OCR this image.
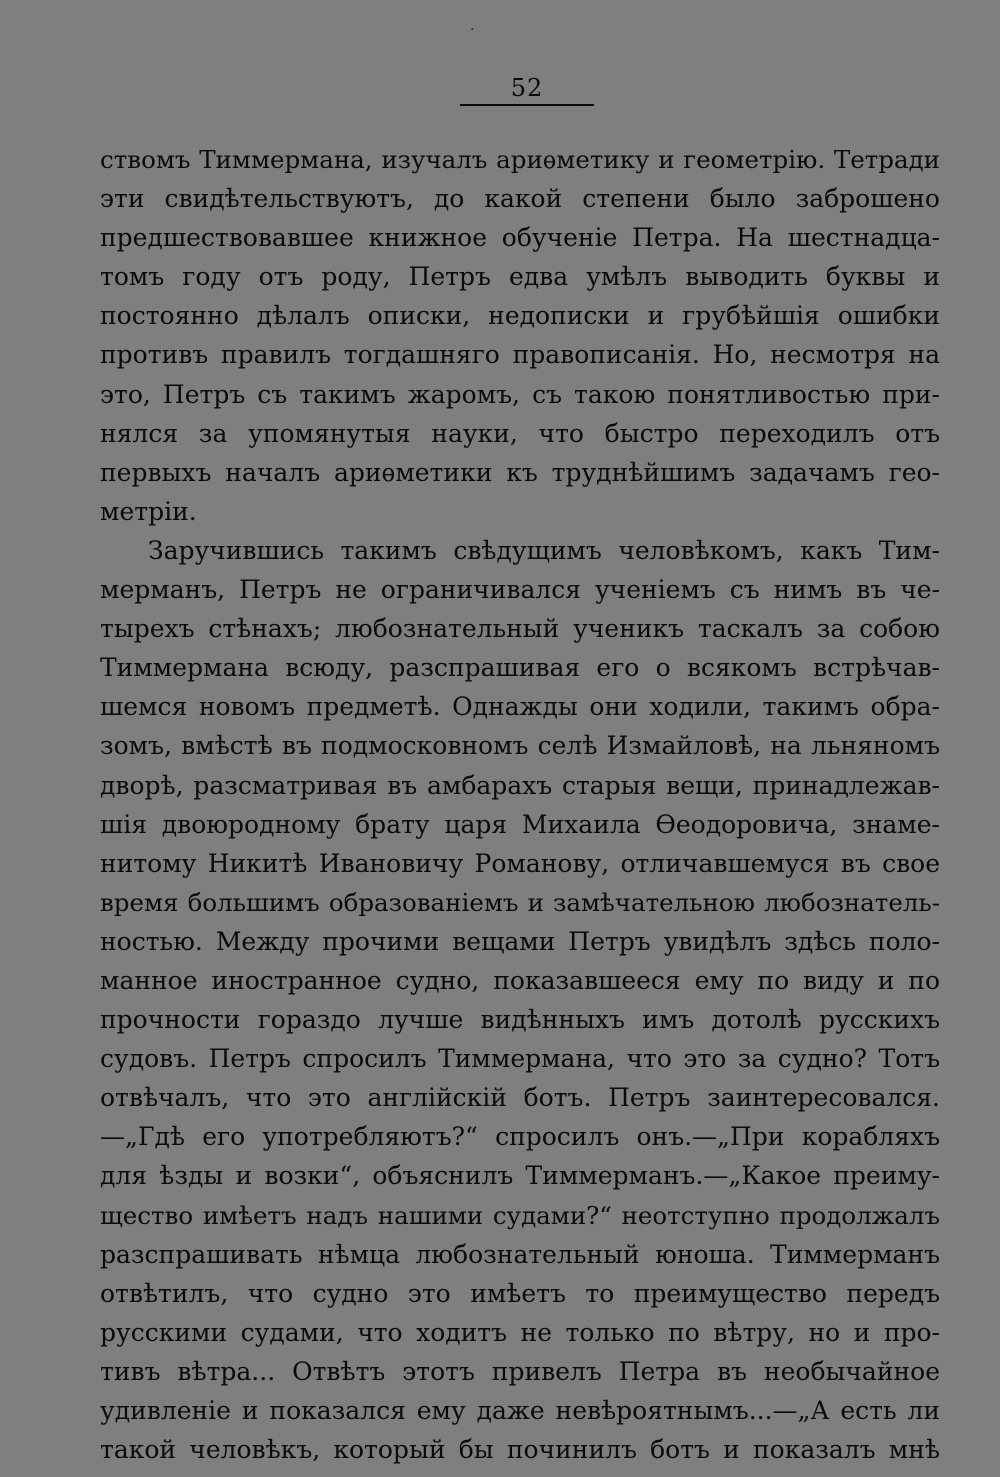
·
52
ствомъ Тиммермана, изучалъ ариѳметику и геометрію. Тетради
эти свидѣтельствуютъ, до какой степени было заброшено
предшествовавшее книжное обученіе Петра. На шестнадца-
томъ году отъ роду, Петръ едва умѣлъ выводить буквы и
постоянно дѣлалъ описки, недописки и грубѣйшія ошибки
противъ правилъ тогдашняго правописанія. Но, несмотря на
это, Петръ съ такимъ жаромъ, съ такою понятливостью при-
нялся за упомянутыя науки, что быстро переходилъ отъ
первыхъ началъ ариѳметики къ труднѣйшимъ задачамъ гео-
метріи.
Заручившись такимъ свѣдущимъ человѣкомъ, какъ Тим-
мерманъ, Петръ не ограничивался ученіемъ съ нимъ въ че-
тырехъ стѣнахъ; любознательный ученикъ таскалъ за собою
Тиммермана всюду, разспрашивая его о всякомъ встрѣчав-
шемся новомъ предметѣ. Однажды они ходили, такимъ обра-
зомъ, вмѣстѣ въ подмосковномъ селѣ Измайловѣ, на льняномъ
дворѣ, разсматривая въ амбарахъ старыя вещи, принадлежав-
шія двоюродному брату царя Михаила Ѳеодоровича, знаме-
нитому Никитѣ Ивановичу Романову, отличавшемуся въ свое
время большимъ образованіемъ и замѣчательною любознатель-
ностью. Между прочими вещами Петръ увидѣлъ здѣсь поло-
манное иностранное судно, показавшееся ему по виду и по
прочности гораздо лучше видѣнныхъ имъ дотолѣ русскихъ
судовъ. Петръ спросилъ Тиммермана, что это за судно? Тотъ
отвѣчалъ, что это англійскій ботъ. Петръ заинтересовался.
—„Гдѣ его употребляютъ?“ спросилъ онъ.—„При корабляхъ
для ѣзды и возки“, объяснилъ Тиммерманъ.—„Какое преиму-
щество имѣетъ надъ нашими судами?“ неотступно продолжалъ
разспрашивать нѣмца любознательный юноша. Тиммерманъ
отвѣтилъ, что судно это имѣетъ то преимущество передъ
русскими судами, что ходитъ не только по вѣтру, но и про-
тивъ вѣтра... Отвѣтъ этотъ привелъ Петра въ необычайное
удивленіе и показался ему даже невѣроятнымъ...—„А есть ли
такой человѣкъ, который бы починилъ ботъ и показалъ мнѣ
